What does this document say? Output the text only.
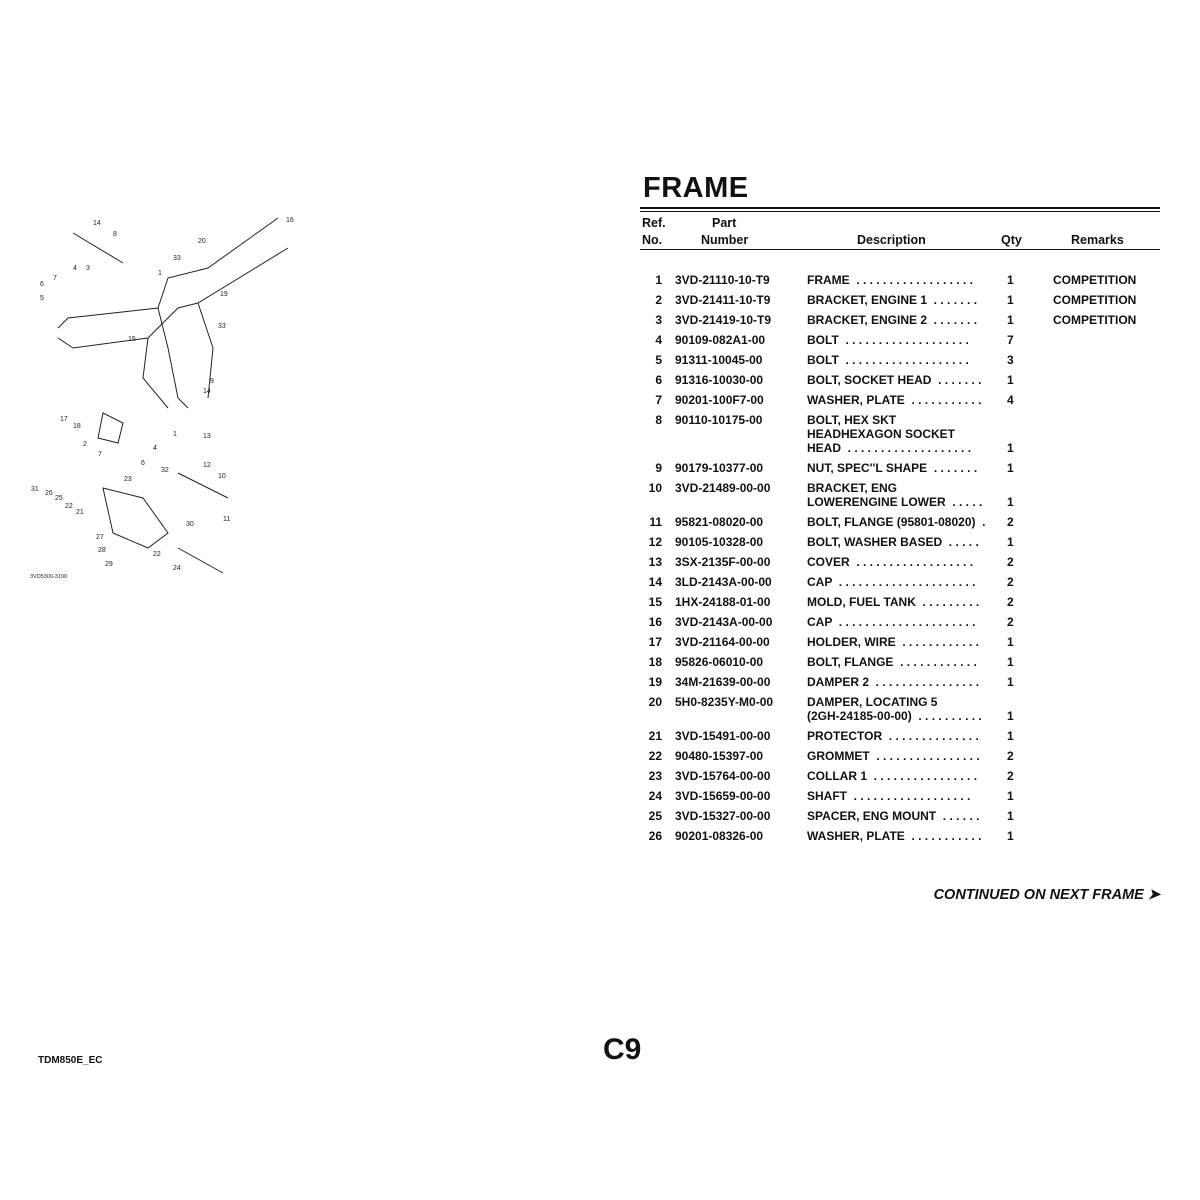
14
8
16
20
33
1
4 3
19
6
5
7
33
15
9
14
17
18
13
2
7
4
1
6
23
32
12
10
31
26
25
22
21
11
30
27
28
29
22
24
3VD5300-3190
FRAME
Ref.
No.
Part
Number	Description	Qty	Remarks
1 3VD-21110-10-T9	FRAME  . . . . . . . . . . . . . . . . . .	1	COMPETITION
2 3VD-21411-10-T9	BRACKET, ENGINE 1  . . . . . . .	1	COMPETITION
3 3VD-21419-10-T9	BRACKET, ENGINE 2  . . . . . . .	1	COMPETITION
4 90109-082A1-00	BOLT  . . . . . . . . . . . . . . . . . . .	7
5 91311-10045-00	BOLT  . . . . . . . . . . . . . . . . . . .	3
6 91316-10030-00	BOLT, SOCKET HEAD  . . . . . . .	1
7 90201-100F7-00	WASHER, PLATE  . . . . . . . . . . .	4
8 90110-10175-00	BOLT, HEX SKT
HEADHEXAGON SOCKET
HEAD  . . . . . . . . . . . . . . . . . . .	1
9 90179-10377-00	NUT, SPEC''L SHAPE  . . . . . . .	1
10 3VD-21489-00-00	BRACKET, ENG
LOWERENGINE LOWER  . . . . .	1
11 95821-08020-00	BOLT, FLANGE (95801-08020)  .	2
12 90105-10328-00	BOLT, WASHER BASED  . . . . .	1
13 3SX-2135F-00-00	COVER  . . . . . . . . . . . . . . . . . .	2
14 3LD-2143A-00-00	CAP  . . . . . . . . . . . . . . . . . . . . .	2
15 1HX-24188-01-00	MOLD, FUEL TANK  . . . . . . . . .	2
16 3VD-2143A-00-00	CAP  . . . . . . . . . . . . . . . . . . . . .	2
17 3VD-21164-00-00	HOLDER, WIRE  . . . . . . . . . . . .	1
18 95826-06010-00	BOLT, FLANGE  . . . . . . . . . . . .	1
19 34M-21639-00-00	DAMPER 2  . . . . . . . . . . . . . . . .	1
20 5H0-8235Y-M0-00	DAMPER, LOCATING 5
(2GH-24185-00-00)  . . . . . . . . . .	1
21 3VD-15491-00-00	PROTECTOR  . . . . . . . . . . . . . .	1
22 90480-15397-00	GROMMET  . . . . . . . . . . . . . . . .	2
23 3VD-15764-00-00	COLLAR 1  . . . . . . . . . . . . . . . .	2
24 3VD-15659-00-00	SHAFT  . . . . . . . . . . . . . . . . . .	1
25 3VD-15327-00-00	SPACER, ENG MOUNT  . . . . . .	1
26 90201-08326-00	WASHER, PLATE  . . . . . . . . . . .	1
CONTINUED ON NEXT FRAME ➤
C9
TDM850E_EC
